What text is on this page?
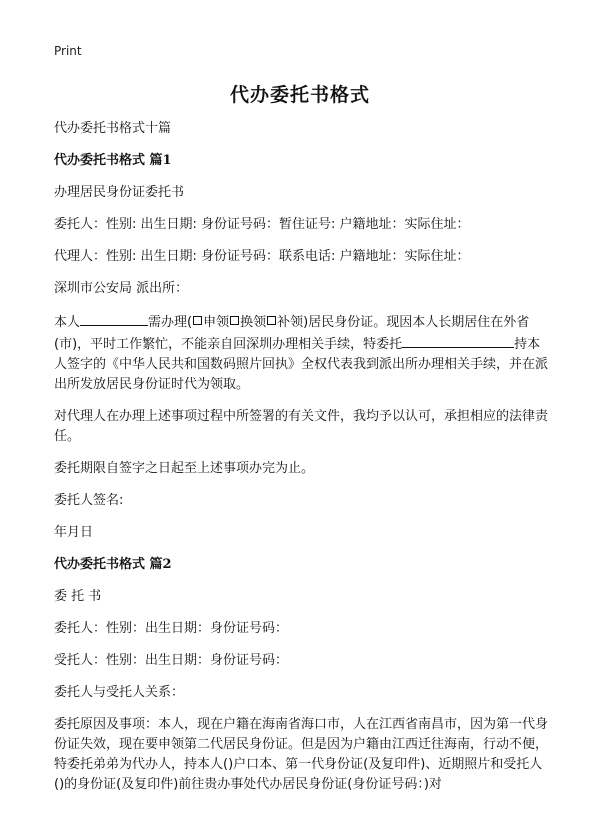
Print
代办委托书格式

代办委托书格式十篇

代办委托书格式 篇1

办理居民身份证委托书

委托人：性别: 出生日期: 身份证号码：暂住证号: 户籍地址：实际住址：

代理人：性别: 出生日期: 身份证号码：联系电话: 户籍地址：实际住址：

深圳市公安局 派出所：

本人	需办理( 申领 换领 补领)居民身份证。现因本人长期居住在外省(市)，平时工作繁忙，不能亲自回深圳办理相关手续，特委托	持本人签字的《中华人民共和国数码照片回执》全权代表我到派出所办理相关手续，并在派出所发放居民身份证时代为领取。

对代理人在办理上述事项过程中所签署的有关文件，我均予以认可，承担相应的法律责任。

委托期限自签字之日起至上述事项办完为止。

委托人签名:

年月日

代办委托书格式 篇2

委 托 书

委托人：性别：出生日期：身份证号码：

受托人：性别：出生日期：身份证号码：

委托人与受托人关系：

委托原因及事项：本人，现在户籍在海南省海口市，人在江西省南昌市，因为第一代身份证失效，现在要申领第二代居民身份证。但是因为户籍由江西迁往海南，行动不便，特委托弟弟为代办人，持本人()户口本、第一代身份证(及复印件)、近期照片和受托人()的身份证(及复印件)前往贵办事处代办居民身份证(身份证号码：)对
